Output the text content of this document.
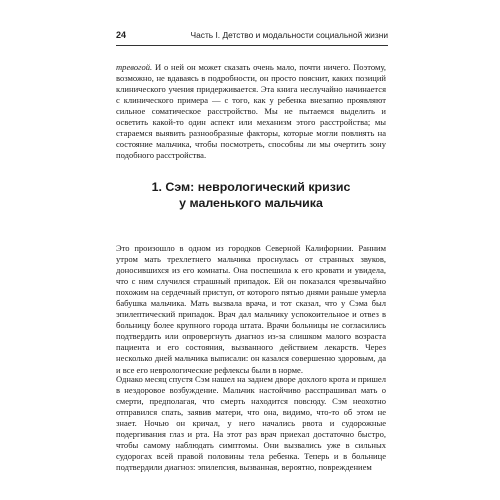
24	Часть I. Детство и модальности социальной жизни

тревогой. И о ней он может сказать очень мало, почти ничего. Поэтому, возможно, не вдаваясь в подробности, он просто пояснит, каких позиций клинического учения придерживается. Эта книга неслучайно начинается с клинического примера — с того, как у ребенка внезапно проявляют сильное соматическое расстройство. Мы не пытаемся выделить и осветить какой-то один аспект или механизм этого расстройства; мы стараемся выявить разнообразные факторы, которые могли повлиять на состояние мальчика, чтобы посмотреть, способны ли мы очертить зону подобного расстройства.

1. Сэм: неврологический кризис
у маленького мальчика

Это произошло в одном из городков Северной Калифорнии. Ранним утром мать трехлетнего мальчика проснулась от странных звуков, доносившихся из его комнаты. Она поспешила к его кровати и увидела, что с ним случился страшный припадок. Ей он показался чрезвычайно похожим на сердечный приступ, от которого пятью днями раньше умерла бабушка мальчика. Мать вызвала врача, и тот сказал, что у Сэма был эпилептический припадок. Врач дал мальчику успокоительное и отвез в больницу более крупного города штата. Врачи больницы не согласились подтвердить или опровергнуть диагноз из-за слишком малого возраста пациента и его состояния, вызванного действием лекарств. Через несколько дней мальчика выписали: он казался совершенно здоровым, да и все его неврологические рефлексы были в норме.

Однако месяц спустя Сэм нашел на заднем дворе дохлого крота и пришел в нездоровое возбуждение. Мальчик настойчиво расспрашивал мать о смерти, предполагая, что смерть находится повсюду. Сэм неохотно отправился спать, заявив матери, что она, видимо, что-то об этом не знает. Ночью он кричал, у него начались рвота и судорожные подергивания глаз и рта. На этот раз врач приехал достаточно быстро, чтобы самому наблюдать симптомы. Они вызвались уже в сильных судорогах всей правой половины тела ребенка. Теперь и в больнице подтвердили диагноз: эпилепсия, вызванная, вероятно, повреждением
